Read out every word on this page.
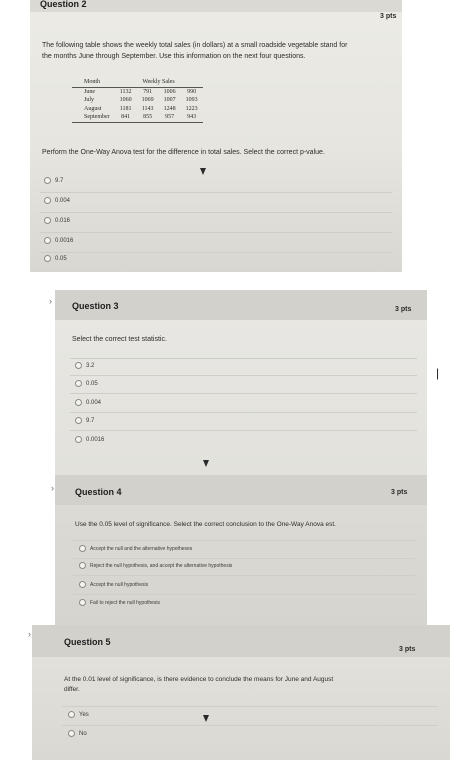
Question 2
3 pts
The following table shows the weekly total sales (in dollars) at a small roadside vegetable stand for
the months June through September. Use this information on the next four questions.
Month	Weekly Sales			
June	1132	791	1006	990
July	1060	1069	1007	1093
August	1181	1143	1248	1223
September	841	855	957	943
Perform the One-Way Anova test for the difference in total sales. Select the correct p-value.
9.7
0.004
0.016
0.0016
0.05
› Question 3	3 pts
Select the correct test statistic.
3.2
0.05
0.004
9.7
0.0016
› Question 4	3 pts
Use the 0.05 level of significance. Select the correct conclusion to the One-Way Anova est.
Accept the null and the alternative hypotheses
Reject the null hypothesis, and accept the alternative hypothesis
Accept the null hypothesis
Fail to reject the null hypothesis
›
Question 5
3 pts
At the 0.01 level of significance, is there evidence to conclude the means for June and August
differ.
Yes
No
|
